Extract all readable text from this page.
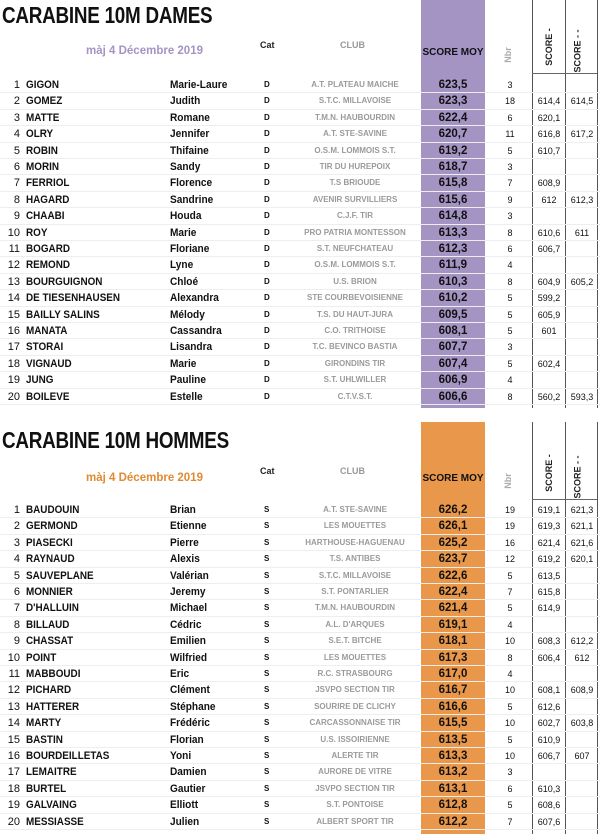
CARABINE 10M DAMES
màj 4 Décembre 2019	Cat	CLUB
SCORE MOY Nbr	SCORE - SCORE - -
1 GIGON	Marie-Laure	D	A.T. PLATEAU MAICHE	623,5	3
2 GOMEZ	Judith	D	S.T.C. MILLAVOISE	623,3	18	614,4	614,5
3 MATTE	Romane	D	T.M.N. HAUBOURDIN	622,4	6	620,1
4 OLRY	Jennifer	D	A.T. STE-SAVINE	620,7	11	616,8	617,2
5 ROBIN	Thifaine	D	O.S.M. LOMMOIS S.T.	619,2	5	610,7
6 MORIN	Sandy	D	TIR DU HUREPOIX	618,7	3
7 FERRIOL	Florence	D	T.S BRIOUDE	615,8	7	608,9
8 HAGARD	Sandrine	D	AVENIR SURVILLIERS	615,6	9	612	612,3
9 CHAABI	Houda	D	C.J.F. TIR	614,8	3
10 ROY	Marie	D	PRO PATRIA MONTESSON	613,3	8	610,6	611
11 BOGARD	Floriane	D	S.T. NEUFCHATEAU	612,3	6	606,7
12 REMOND	Lyne	D	O.S.M. LOMMOIS S.T.	611,9	4
13 BOURGUIGNON	Chloé	D	U.S. BRION	610,3	8	604,9	605,2
14 DE TIESENHAUSEN	Alexandra	D	STE COURBEVOISIENNE	610,2	5	599,2
15 BAILLY SALINS	Mélody	D	T.S. DU HAUT-JURA	609,5	5	605,9
16 MANATA	Cassandra	D	C.O. TRITHOISE	608,1	5	601
17 STORAI	Lisandra	D	T.C. BEVINCO BASTIA	607,7	3
18 VIGNAUD	Marie	D	GIRONDINS TIR	607,4	5	602,4
19 JUNG	Pauline	D	S.T. UHLWILLER	606,9	4
20 BOILEVE	Estelle	D	C.T.V.S.T.	606,6	8	560,2	593,3
CARABINE 10M HOMMES
màj 4 Décembre 2019
Cat	CLUB
SCORE MOY Nbr	SCORE - SCORE - -
1 BAUDOUIN	Brian	S	A.T. STE-SAVINE	626,2	19	619,1	621,3
2 GERMOND	Etienne	S	LES MOUETTES	626,1	19	619,3	621,1
3 PIASECKI	Pierre	S	HARTHOUSE-HAGUENAU	625,2	16	621,4	621,6
4 RAYNAUD	Alexis	S	T.S. ANTIBES	623,7	12	619,2	620,1
5 SAUVEPLANE	Valérian	S	S.T.C. MILLAVOISE	622,6	5	613,5
6 MONNIER	Jeremy	S	S.T. PONTARLIER	622,4	7	615,8
7 D'HALLUIN	Michael	S	T.M.N. HAUBOURDIN	621,4	5	614,9
8 BILLAUD	Cédric	S	A.L. D'ARQUES	619,1	4
9 CHASSAT	Emilien	S	S.E.T. BITCHE	618,1	10	608,3	612,2
10 POINT	Wilfried	S	LES MOUETTES	617,3	8	606,4	612
11 MABBOUDI	Eric	S	R.C. STRASBOURG	617,0	4
12 PICHARD	Clément	S	JSVPO SECTION TIR	616,7	10	608,1	608,9
13 HATTERER	Stéphane	S	SOURIRE DE CLICHY	616,6	5	612,6
14 MARTY	Frédéric	S	CARCASSONNAISE TIR	615,5	10	602,7	603,8
15 BASTIN	Florian	S	U.S. ISSOIRIENNE	613,5	5	610,9
16 BOURDEILLETAS	Yoni	S	ALERTE TIR	613,3	10	606,7	607
17 LEMAITRE	Damien	S	AURORE DE VITRE	613,2	3
18 BURTEL	Gautier	S	JSVPO SECTION TIR	613,1	6	610,3
19 GALVAING	Elliott	S	S.T. PONTOISE	612,8	5	608,6
20 MESSIASSE	Julien	S	ALBERT SPORT TIR	612,2	7	607,6
